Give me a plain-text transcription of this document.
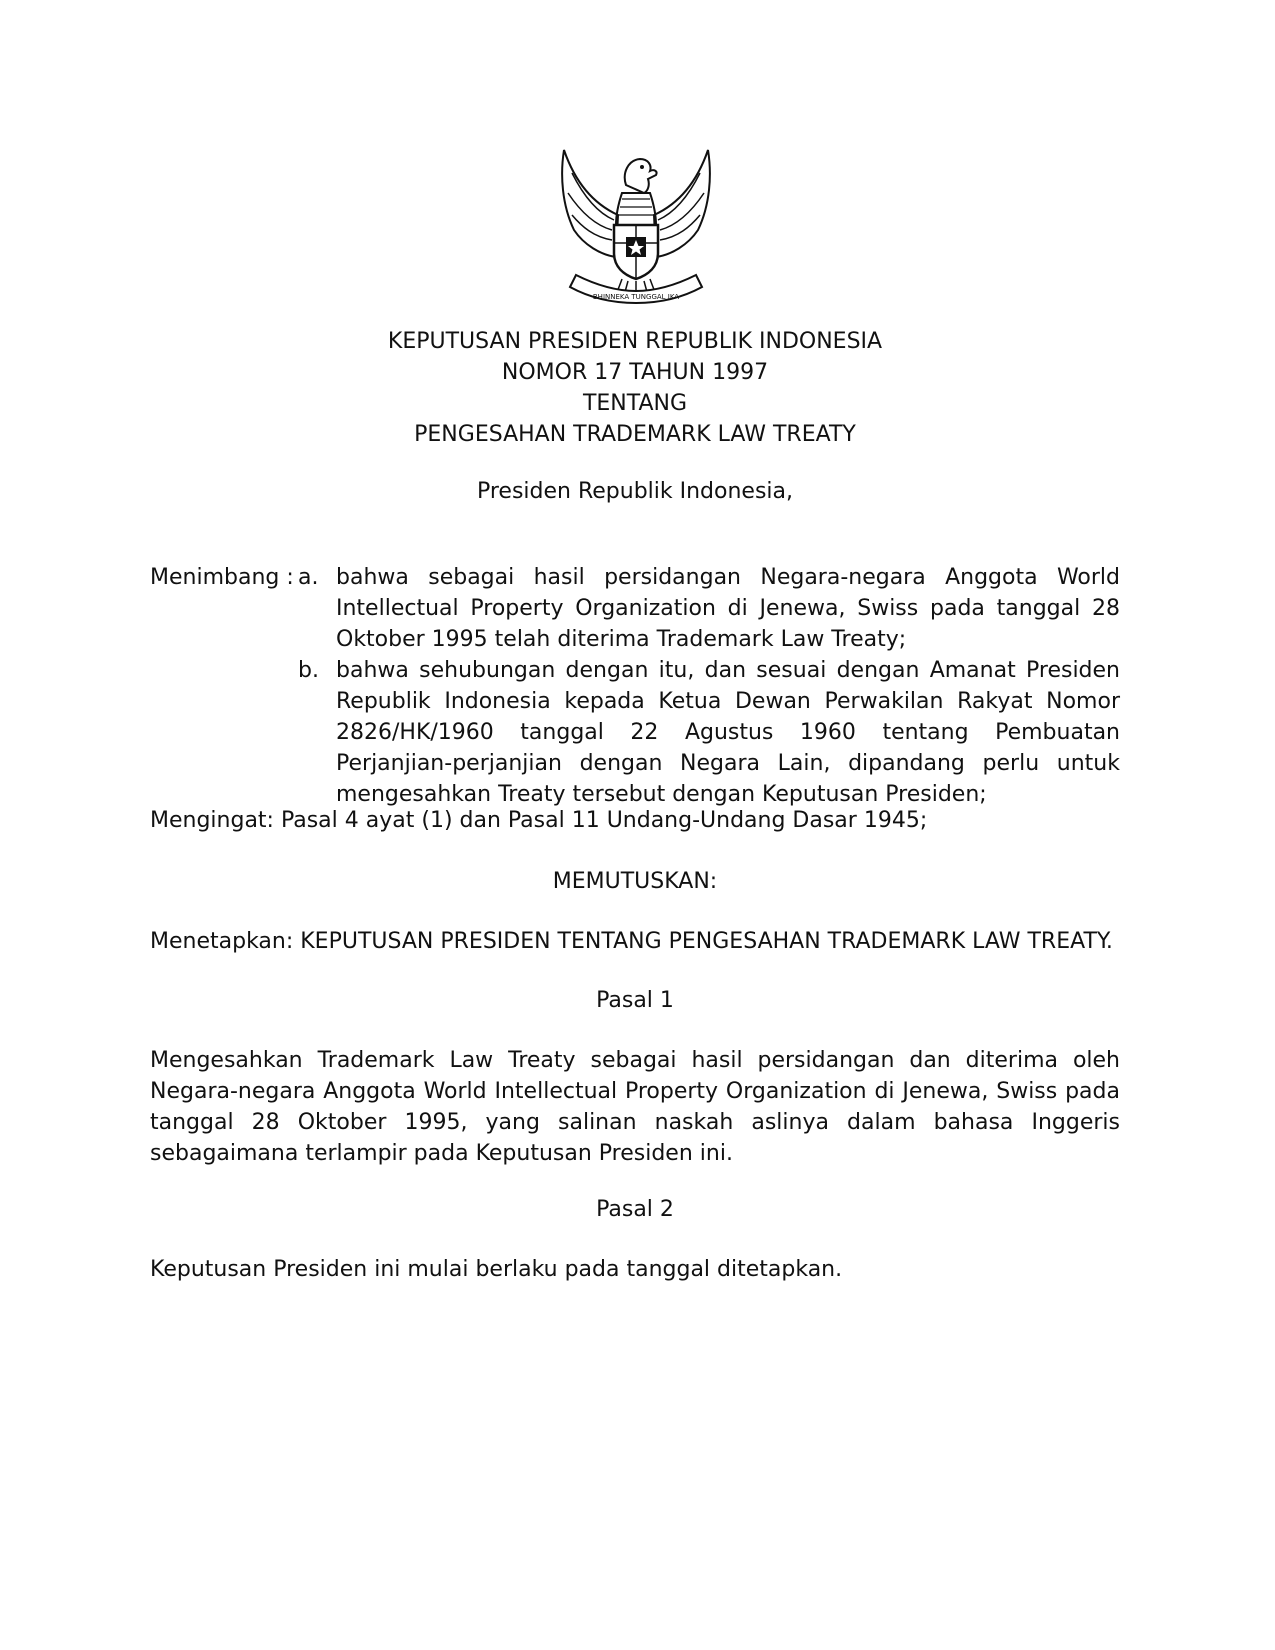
BHINNEKA TUNGGAL IKA

KEPUTUSAN PRESIDEN REPUBLIK INDONESIA

NOMOR 17 TAHUN 1997

TENTANG

PENGESAHAN TRADEMARK LAW TREATY

Presiden Republik Indonesia,

Menimbang : a. bahwa sebagai hasil persidangan Negara-negara Anggota World Intellectual Property Organization di Jenewa, Swiss pada tanggal 28 Oktober 1995 telah diterima Trademark Law Treaty;
b. bahwa sehubungan dengan itu, dan sesuai dengan Amanat Presiden Republik Indonesia kepada Ketua Dewan Perwakilan Rakyat Nomor 2826/HK/1960 tanggal 22 Agustus 1960 tentang Pembuatan Perjanjian-perjanjian dengan Negara Lain, dipandang perlu untuk mengesahkan Treaty tersebut dengan Keputusan Presiden;

Mengingat: Pasal 4 ayat (1) dan Pasal 11 Undang-Undang Dasar 1945;

MEMUTUSKAN:

Menetapkan: KEPUTUSAN PRESIDEN TENTANG PENGESAHAN TRADEMARK LAW TREATY.

Pasal 1

Mengesahkan Trademark Law Treaty sebagai hasil persidangan dan diterima oleh Negara-negara Anggota World Intellectual Property Organization di Jenewa, Swiss pada tanggal 28 Oktober 1995, yang salinan naskah aslinya dalam bahasa Inggeris sebagaimana terlampir pada Keputusan Presiden ini.

Pasal 2

Keputusan Presiden ini mulai berlaku pada tanggal ditetapkan.
